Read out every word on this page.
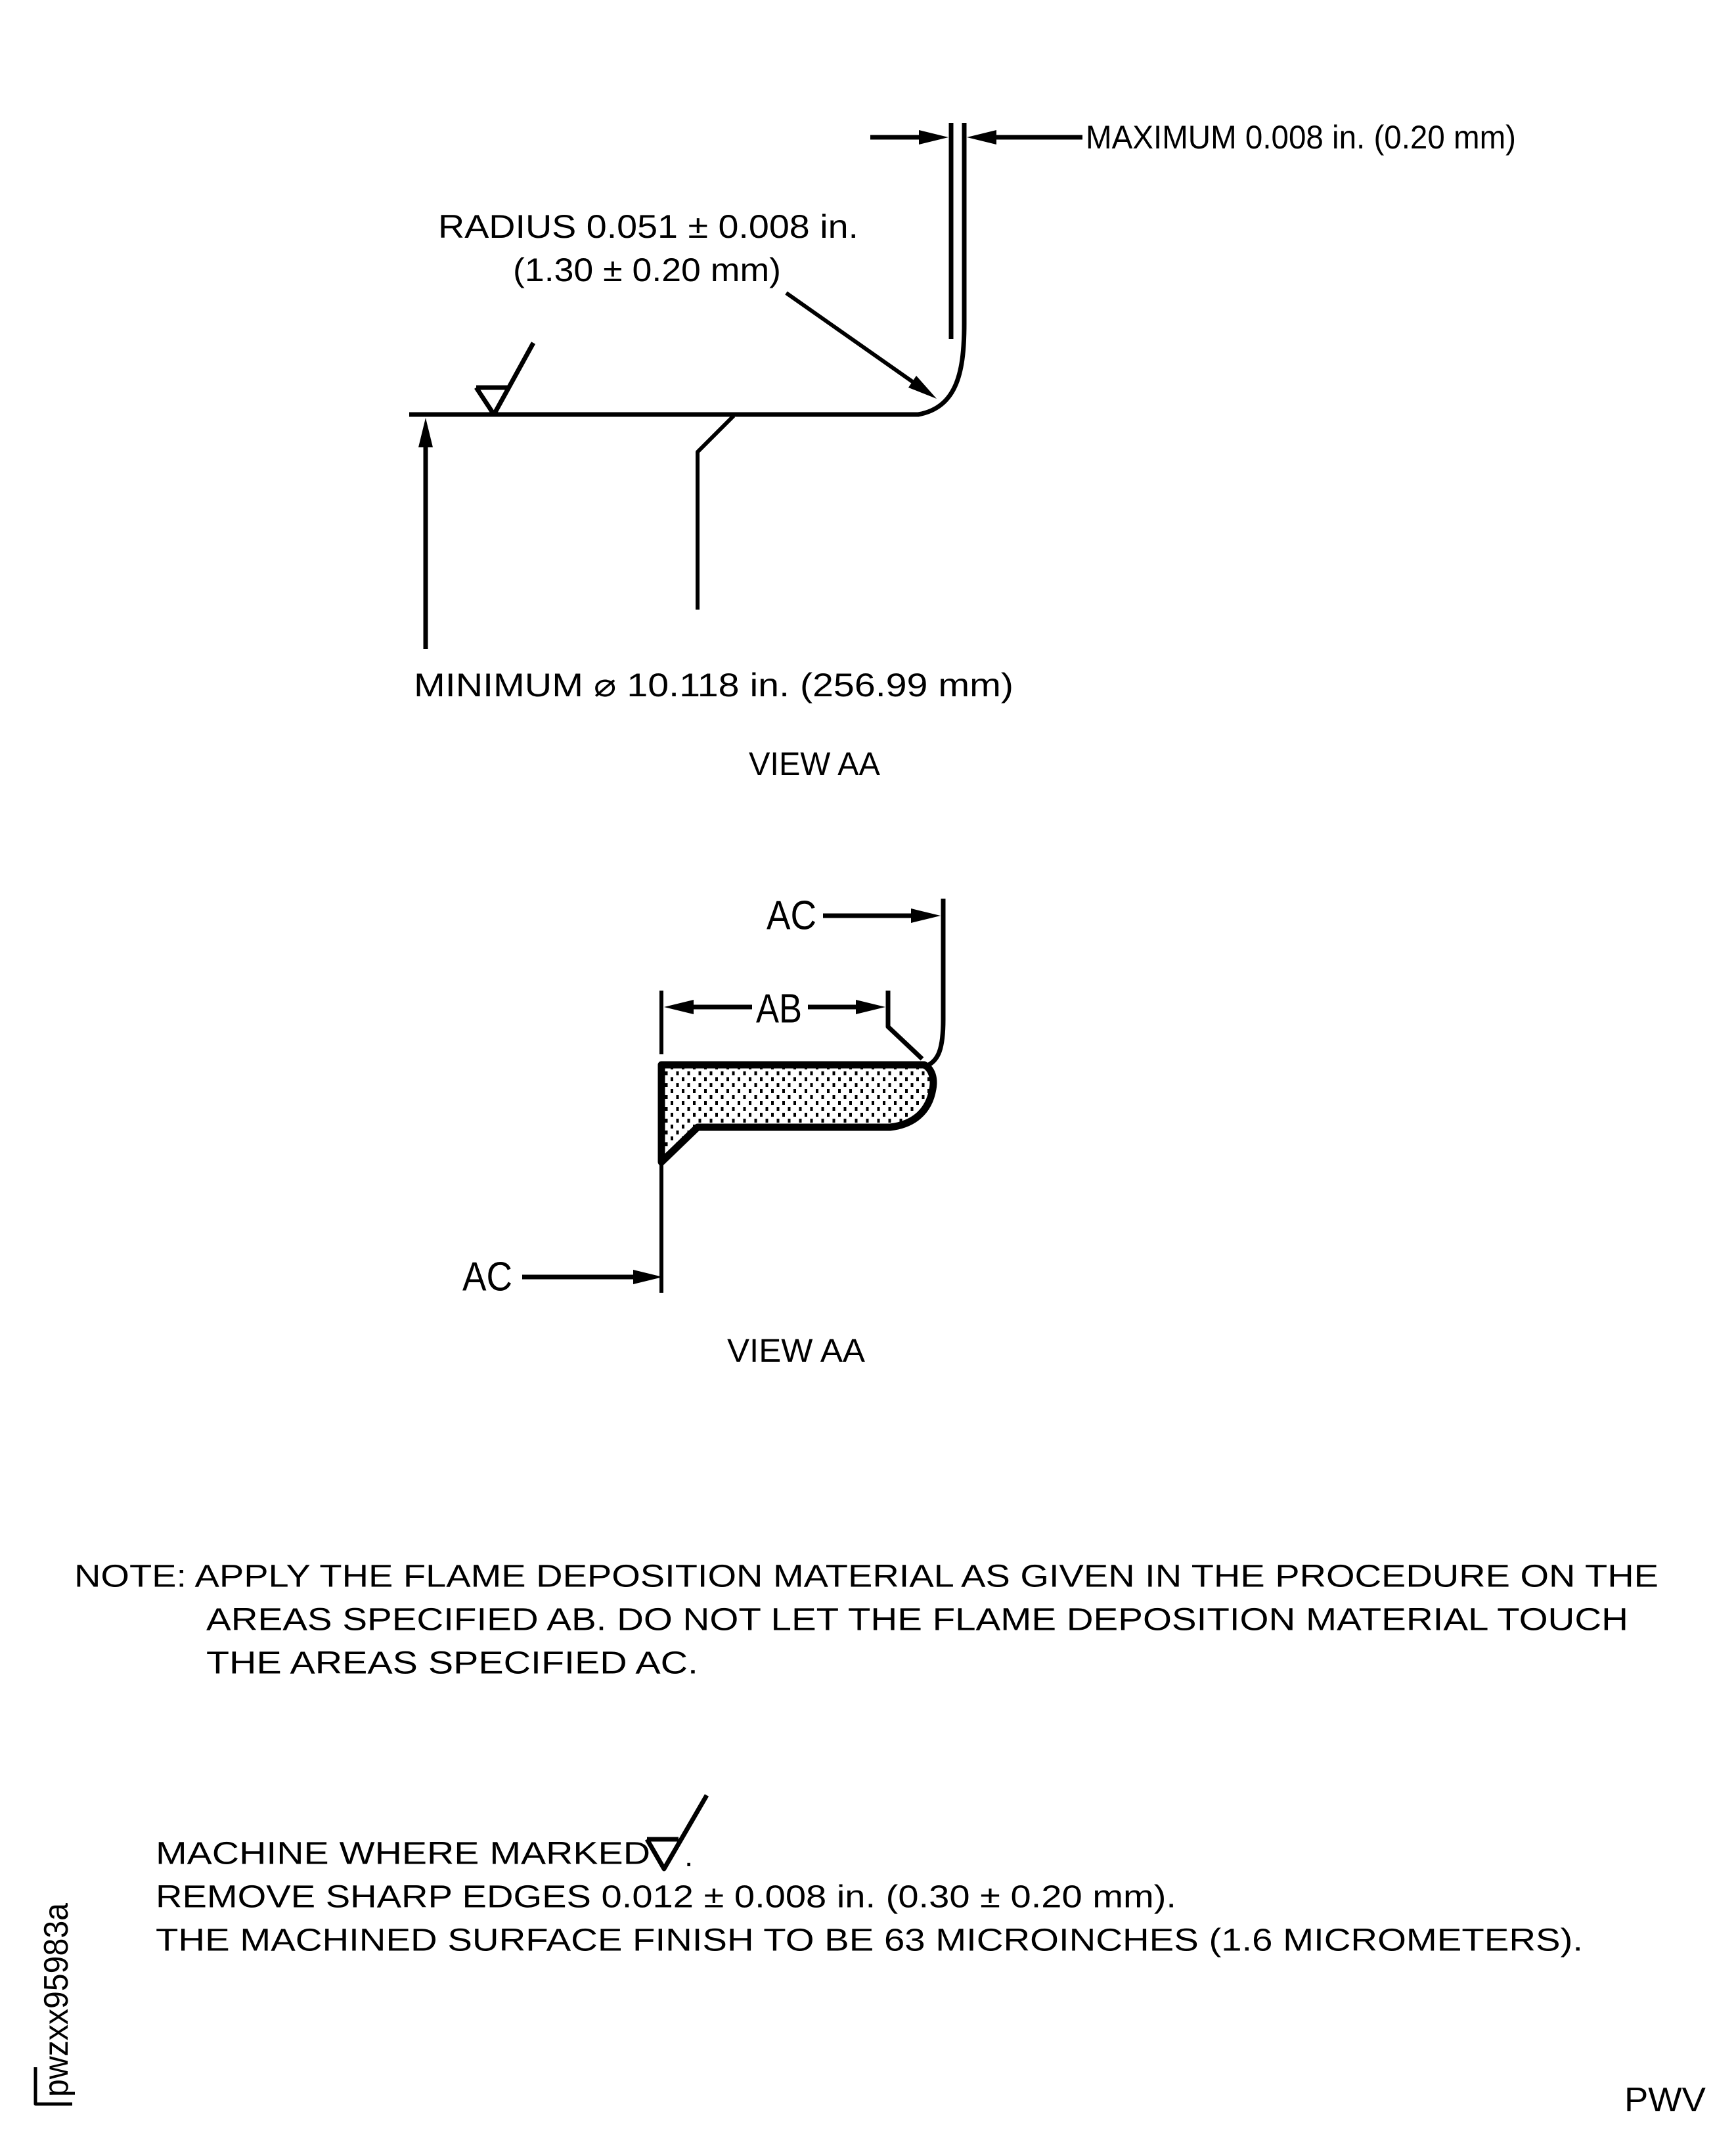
MAXIMUM 0.008 in. (0.20 mm)
RADIUS 0.051 ± 0.008 in.
(1.30 ± 0.20 mm)
MINIMUM ⌀ 10.118 in. (256.99 mm)
VIEW AA
AC
AB
AC
VIEW AA
NOTE: APPLY THE FLAME DEPOSITION MATERIAL AS GIVEN IN THE PROCEDURE ON THE
AREAS SPECIFIED AB. DO NOT LET THE FLAME DEPOSITION MATERIAL TOUCH
THE AREAS SPECIFIED AC.
MACHINE WHERE MARKED .
REMOVE SHARP EDGES 0.012 ± 0.008 in. (0.30 ± 0.20 mm).
THE MACHINED SURFACE FINISH TO BE 63 MICROINCHES (1.6 MICROMETERS).
pwzxx95983a
PWV
